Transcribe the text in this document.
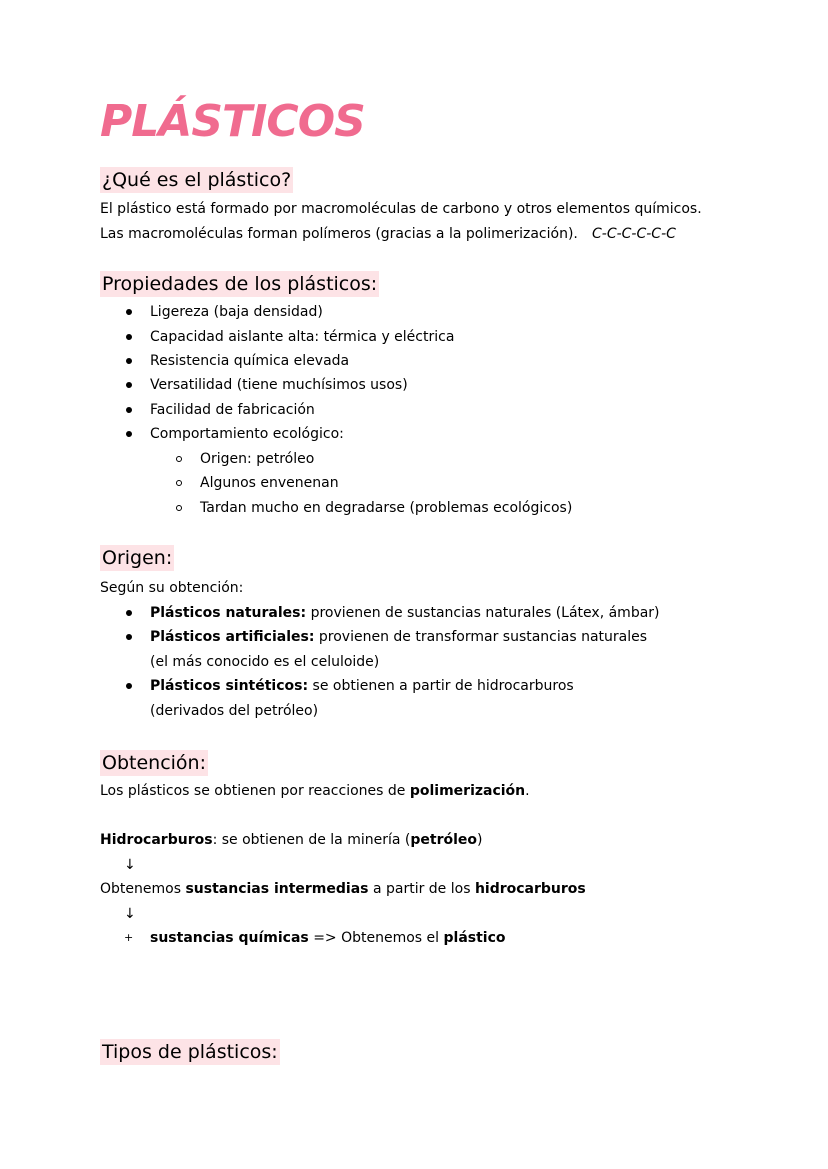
PLÁSTICOS
¿Qué es el plástico?
El plástico está formado por macromoléculas de carbono y otros elementos químicos.
Las macromoléculas forman polímeros (gracias a la polimerización). C-C-C-C-C-C
Propiedades de los plásticos:
Ligereza (baja densidad)
Capacidad aislante alta: térmica y eléctrica
Resistencia química elevada
Versatilidad (tiene muchísimos usos)
Facilidad de fabricación
Comportamiento ecológico:
Origen: petróleo
Algunos envenenan
Tardan mucho en degradarse (problemas ecológicos)
Origen:
Según su obtención:
Plásticos naturales: provienen de sustancias naturales (Látex, ámbar)
Plásticos artificiales: provienen de transformar sustancias naturales
(el más conocido es el celuloide)
Plásticos sintéticos: se obtienen a partir de hidrocarburos
(derivados del petróleo)
Obtención:
Los plásticos se obtienen por reacciones de polimerización.
Hidrocarburos: se obtienen de la minería (petróleo)
↓
Obtenemos sustancias intermedias a partir de los hidrocarburos
↓
+ sustancias químicas => Obtenemos el plástico
Tipos de plásticos:
